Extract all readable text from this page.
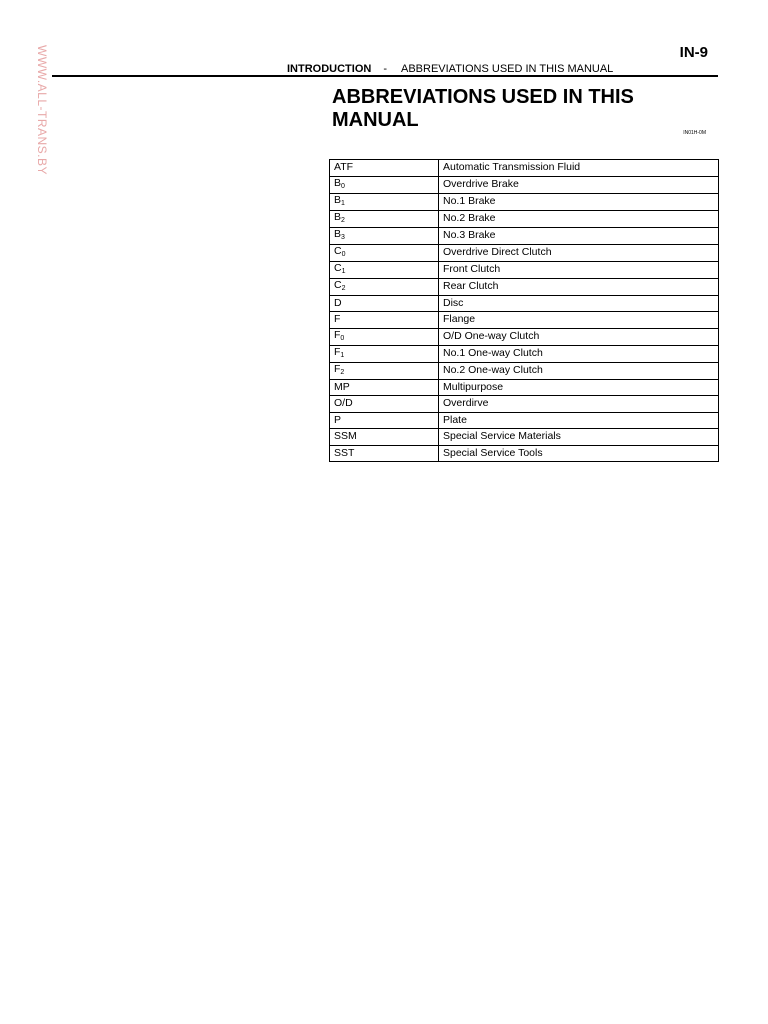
WWW.ALL-TRANS.BY	IN-9
INTRODUCTION - ABBREVIATIONS USED IN THIS MANUAL
ABBREVIATIONS USED IN THIS MANUAL
IN01H-0M
ATF	Automatic Transmission Fluid
$B_0$	Overdrive Brake
$B_1$	No.1 Brake
$B_2$	No.2 Brake
$B_3$	No.3 Brake
$C_0$	Overdrive Direct Clutch
$C_1$	Front Clutch
$C_2$	Rear Clutch
D	Disc
F	Flange
$F_0$	O/D One-way Clutch
$F_1$	No.1 One-way Clutch
$F_2$	No.2 One-way Clutch
MP	Multipurpose
O/D	Overdirve
P	Plate
SSM	Special Service Materials
SST	Special Service Tools
